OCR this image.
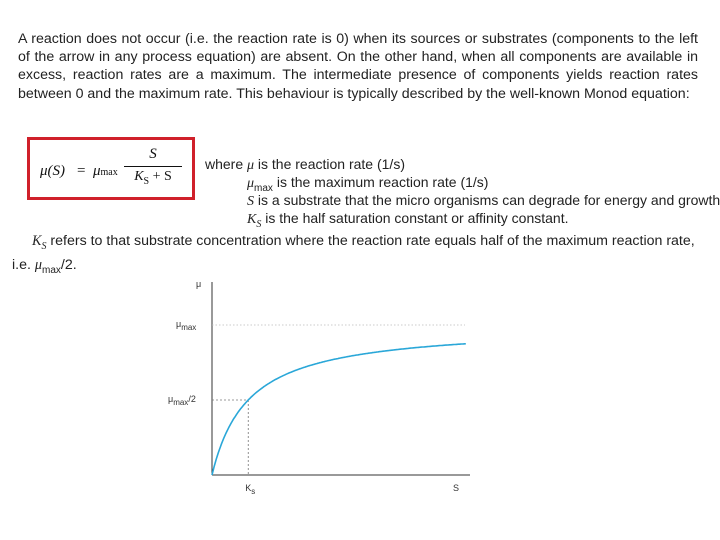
A reaction does not occur (i.e. the reaction rate is 0) when its sources or substrates (components to the left of the arrow in any process equation) are absent. On the other hand, when all components are available in excess, reaction rates are a maximum. The intermediate presence of components yields reaction rates between 0 and the maximum rate. This behaviour is typically described by the well-known Monod equation:
μ(S) = μmax
S
$K_S + S$
where μ is the reaction rate (1/s)
$\mu_{max}$ is the maximum reaction rate (1/s)
S is a substrate that the micro organisms can degrade for energy and growth
$K_S$ is the half saturation constant or affinity constant.
$K_S$ refers to that substrate concentration where the reaction rate equals half of the maximum reaction rate,
i.e. $\mu_{max}/2$.
μ
S
μmax
μmax/2
Ks
